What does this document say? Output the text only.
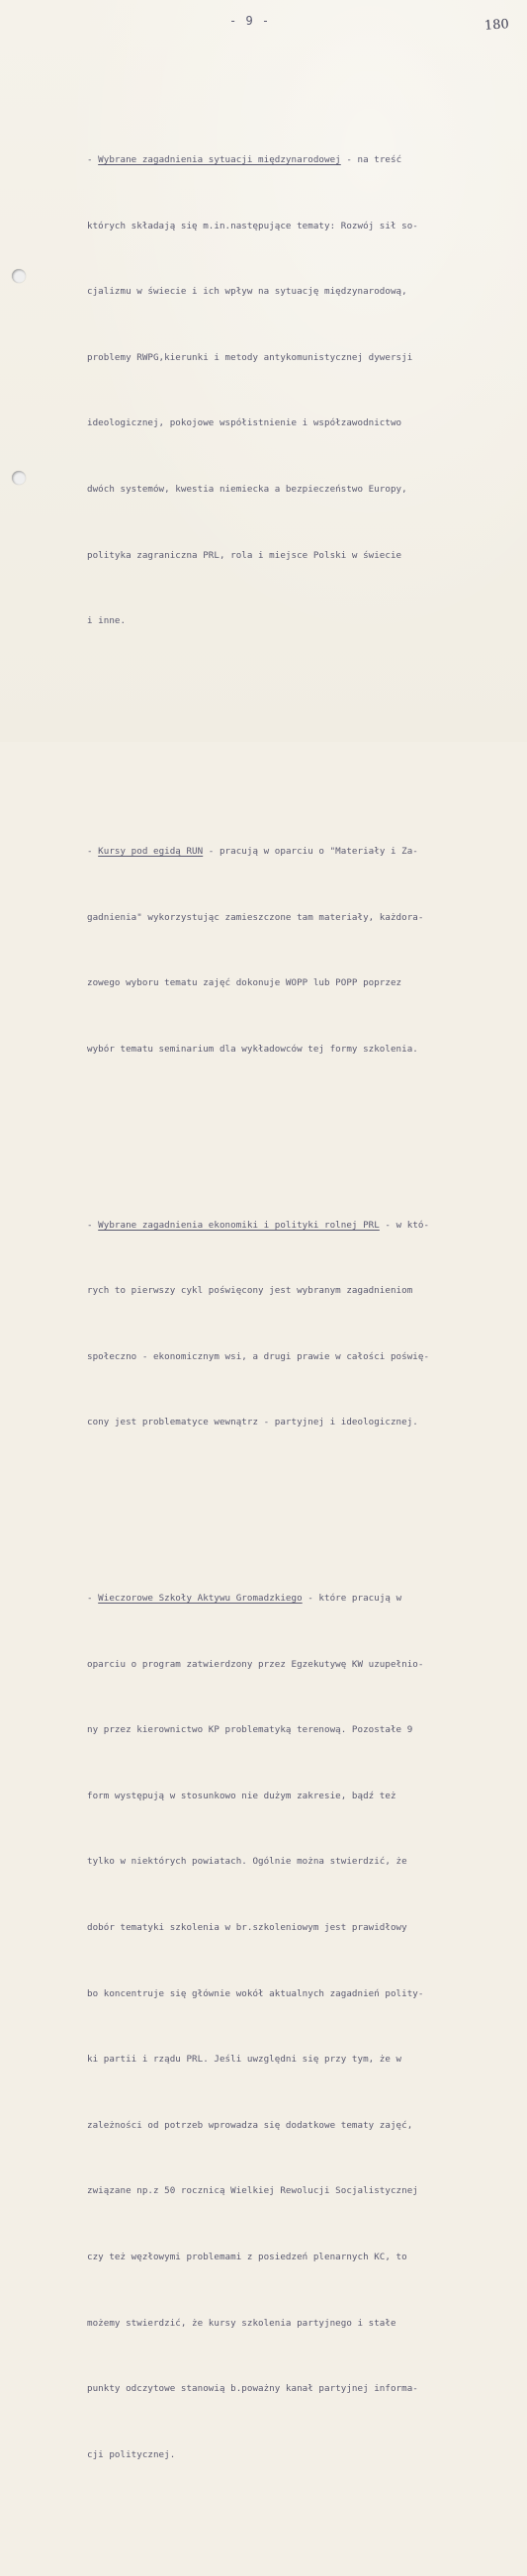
- 9 -	180

- Wybrane zagadnienia sytuacji międzynarodowej - na treść

których składają się m.in.następujące tematy: Rozwój sił so-

cjalizmu w świecie i ich wpływ na sytuację międzynarodową,

problemy RWPG,kierunki i metody antykomunistycznej dywersji

ideologicznej, pokojowe współistnienie i współzawodnictwo

dwóch systemów, kwestia niemiecka a bezpieczeństwo Europy,

polityka zagraniczna PRL, rola i miejsce Polski w świecie

i inne.

- Kursy pod egidą RUN - pracują w oparciu o "Materiały i Za-

gadnienia" wykorzystując zamieszczone tam materiały, każdora-

zowego wyboru tematu zajęć dokonuje WOPP lub POPP poprzez

wybór tematu seminarium dla wykładowców tej formy szkolenia.

- Wybrane zagadnienia ekonomiki i polityki rolnej PRL - w któ-

rych to pierwszy cykl poświęcony jest wybranym zagadnieniom

społeczno - ekonomicznym wsi, a drugi prawie w całości poświę-

cony jest problematyce wewnątrz - partyjnej i ideologicznej.

- Wieczorowe Szkoły Aktywu Gromadzkiego - które pracują w

oparciu o program zatwierdzony przez Egzekutywę KW uzupełnio-

ny przez kierownictwo KP problematyką terenową. Pozostałe 9

form występują w stosunkowo nie dużym zakresie, bądź też

tylko w niektórych powiatach. Ogólnie można stwierdzić, że

dobór tematyki szkolenia w br.szkoleniowym jest prawidłowy

bo koncentruje się głównie wokół aktualnych zagadnień polity-

ki partii i rządu PRL. Jeśli uwzględni się przy tym, że w

zależności od potrzeb wprowadza się dodatkowe tematy zajęć,

związane np.z 50 rocznicą Wielkiej Rewolucji Socjalistycznej

czy też węzłowymi problemami z posiedzeń plenarnych KC, to

możemy stwierdzić, że kursy szkolenia partyjnego i stałe

punkty odczytowe stanowią b.poważny kanał partyjnej informa-

cji politycznej.
